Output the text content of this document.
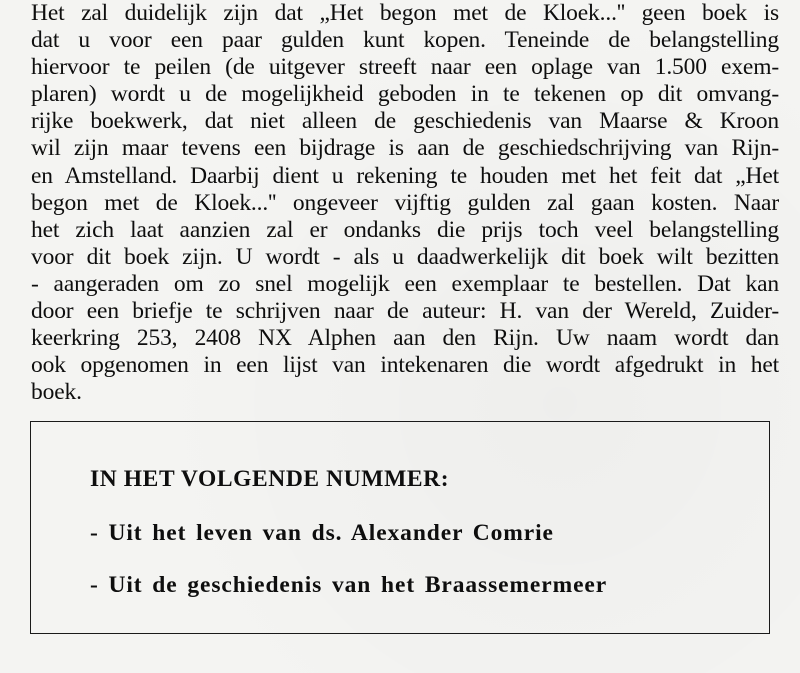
Het zal duidelijk zijn dat „Het begon met de Kloek...'' geen boek is
dat u voor een paar gulden kunt kopen. Teneinde de belangstelling
hiervoor te peilen (de uitgever streeft naar een oplage van 1.500 exem-
plaren) wordt u de mogelijkheid geboden in te tekenen op dit omvang-
rijke boekwerk, dat niet alleen de geschiedenis van Maarse & Kroon
wil zijn maar tevens een bijdrage is aan de geschiedschrijving van Rijn-
en Amstelland. Daarbij dient u rekening te houden met het feit dat „Het
begon met de Kloek...'' ongeveer vijftig gulden zal gaan kosten. Naar
het zich laat aanzien zal er ondanks die prijs toch veel belangstelling
voor dit boek zijn. U wordt - als u daadwerkelijk dit boek wilt bezitten
- aangeraden om zo snel mogelijk een exemplaar te bestellen. Dat kan
door een briefje te schrijven naar de auteur: H. van der Wereld, Zuider-
keerkring 253, 2408 NX Alphen aan den Rijn. Uw naam wordt dan
ook opgenomen in een lijst van intekenaren die wordt afgedrukt in het
boek.
IN HET VOLGENDE NUMMER:
- Uit het leven van ds. Alexander Comrie
- Uit de geschiedenis van het Braassemermeer
